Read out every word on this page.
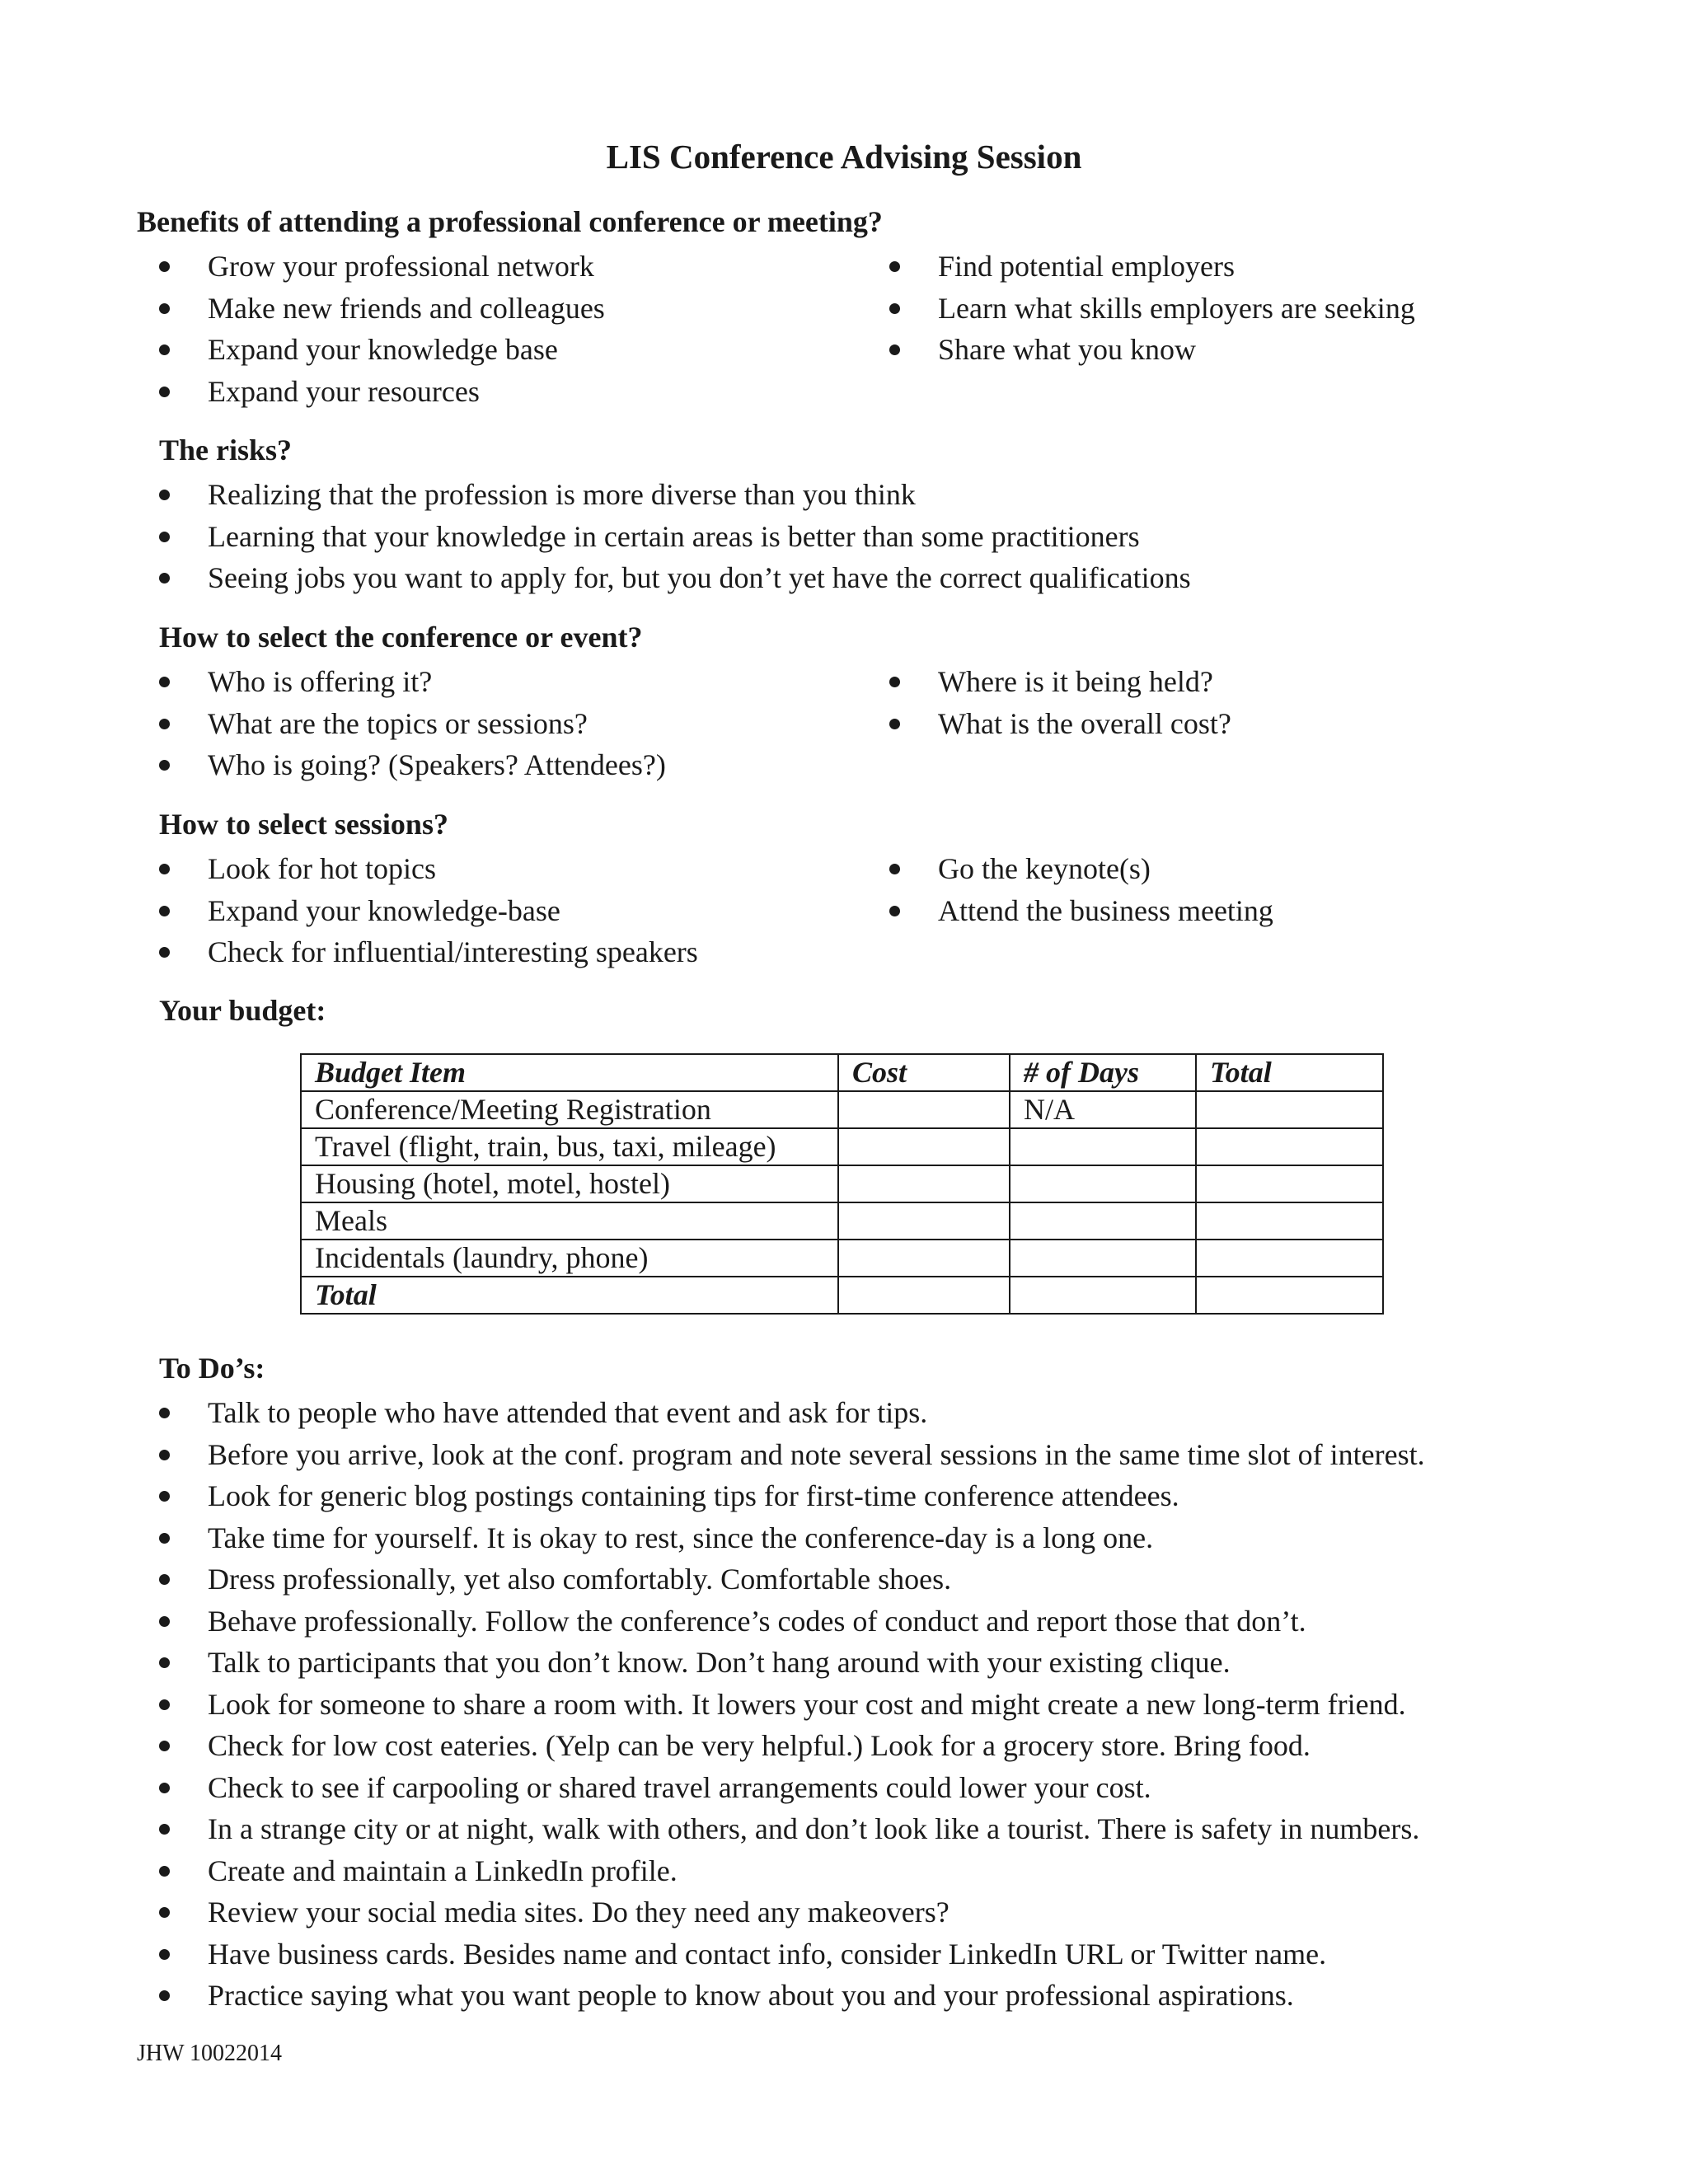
LIS Conference Advising Session
Benefits of attending a professional conference or meeting?
Grow your professional network
Make new friends and colleagues
Expand your knowledge base
Expand your resources
Find potential employers
Learn what skills employers are seeking
Share what you know
The risks?
Realizing that the profession is more diverse than you think
Learning that your knowledge in certain areas is better than some practitioners
Seeing jobs you want to apply for, but you don’t yet have the correct qualifications
How to select the conference or event?
Who is offering it?
What are the topics or sessions?
Who is going? (Speakers? Attendees?)
Where is it being held?
What is the overall cost?
How to select sessions?
Look for hot topics
Expand your knowledge-base
Check for influential/interesting speakers
Go the keynote(s)
Attend the business meeting
Your budget:
Budget Item	Cost	# of Days	Total
Conference/Meeting Registration		N/A	
Travel (flight, train, bus, taxi, mileage)			
Housing (hotel, motel, hostel)			
Meals			
Incidentals (laundry, phone)			
Total			
To Do’s:
Talk to people who have attended that event and ask for tips.
Before you arrive, look at the conf. program and note several sessions in the same time slot of interest.
Look for generic blog postings containing tips for first-time conference attendees.
Take time for yourself. It is okay to rest, since the conference-day is a long one.
Dress professionally, yet also comfortably. Comfortable shoes.
Behave professionally. Follow the conference’s codes of conduct and report those that don’t.
Talk to participants that you don’t know. Don’t hang around with your existing clique.
Look for someone to share a room with. It lowers your cost and might create a new long-term friend.
Check for low cost eateries. (Yelp can be very helpful.) Look for a grocery store. Bring food.
Check to see if carpooling or shared travel arrangements could lower your cost.
In a strange city or at night, walk with others, and don’t look like a tourist. There is safety in numbers.
Create and maintain a LinkedIn profile.
Review your social media sites. Do they need any makeovers?
Have business cards. Besides name and contact info, consider LinkedIn URL or Twitter name.
Practice saying what you want people to know about you and your professional aspirations.

JHW 10022014
